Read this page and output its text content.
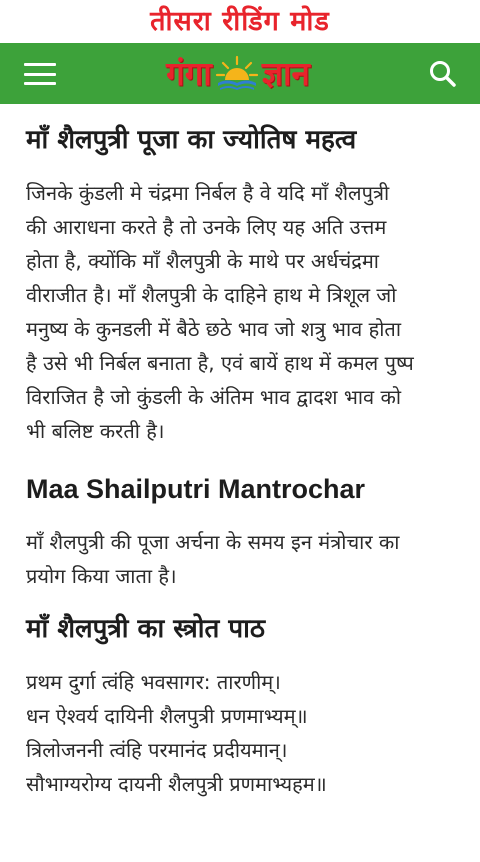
तीसरा रीडिंग मोड
गंगा ज्ञान
माँ शैलपुत्री पूजा का ज्योतिष महत्व
जिनके कुंडली मे चंद्रमा निर्बल है वे यदि माँ शैलपुत्री
की आराधना करते है तो उनके लिए यह अति उत्तम
होता है, क्योंकि माँ शैलपुत्री के माथे पर अर्धचंद्रमा
वीराजीत है। माँ शैलपुत्री के दाहिने हाथ मे त्रिशूल जो
मनुष्य के कुनडली में बैठे छठे भाव जो शत्रु भाव होता
है उसे भी निर्बल बनाता है, एवं बायें हाथ में कमल पुष्प
विराजित है जो कुंडली के अंतिम भाव द्वादश भाव को
भी बलिष्ट करती है।
Maa Shailputri Mantrochar
माँ शैलपुत्री की पूजा अर्चना के समय इन मंत्रोचार का
प्रयोग किया जाता है।
माँ शैलपुत्री का स्त्रोत पाठ
प्रथम दुर्गा त्वंहि भवसागर: तारणीम्।
धन ऐश्वर्य दायिनी शैलपुत्री प्रणमाभ्यम्॥
त्रिलोजननी त्वंहि परमानंद प्रदीयमान्।
सौभाग्यरोग्य दायनी शैलपुत्री प्रणमाभ्यहम॥
